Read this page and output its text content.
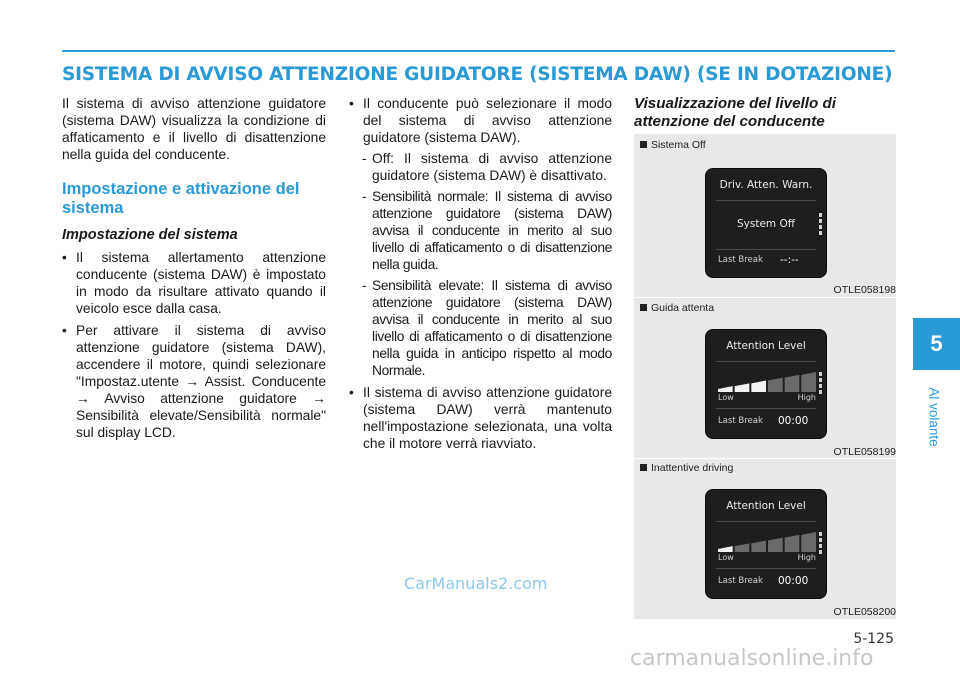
SISTEMA DI AVVISO ATTENZIONE GUIDATORE (SISTEMA DAW) (SE IN DOTAZIONE)

Il sistema di avviso attenzione guidatore (sistema DAW) visualizza la condizione di affaticamento e il livello di disattenzione nella guida del conducente.

Impostazione e attivazione del sistema

Impostazione del sistema

• Il sistema allertamento attenzione conducente (sistema DAW) è impostato in modo da risultare attivato quando il veicolo esce dalla casa.

• Per attivare il sistema di avviso attenzione guidatore (sistema DAW), accendere il motore, quindi selezionare "Impostaz.utente → Assist. Conducente → Avviso attenzione guidatore → Sensibilità elevate/Sensibilità normale" sul display LCD.

• Il conducente può selezionare il modo del sistema di avviso attenzione guidatore (sistema DAW).

- Off: Il sistema di avviso attenzione guidatore (sistema DAW) è disattivato.

- Sensibilità normale: Il sistema di avviso attenzione guidatore (sistema DAW) avvisa il conducente in merito al suo livello di affaticamento o di disattenzione nella guida.

- Sensibilità elevate: Il sistema di avviso attenzione guidatore (sistema DAW) avvisa il conducente in merito al suo livello di affaticamento o di disattenzione nella guida in anticipo rispetto al modo Normale.

• Il sistema di avviso attenzione guidatore (sistema DAW) verrà mantenuto nell'impostazione selezionata, una volta che il motore verrà riavviato.

Visualizzazione del livello di attenzione del conducente

Sistema Off
Driv. Atten. Warn.
System Off
Last Break --:--
OTLE058198
Guida attenta
Attention Level
Low	High
Last Break 00:00
OTLE058199
Inattentive driving
Attention Level
Low	High
Last Break 00:00
OTLE058200
5
Al volante
5-125
CarManuals2.com
carmanualsonline.info
